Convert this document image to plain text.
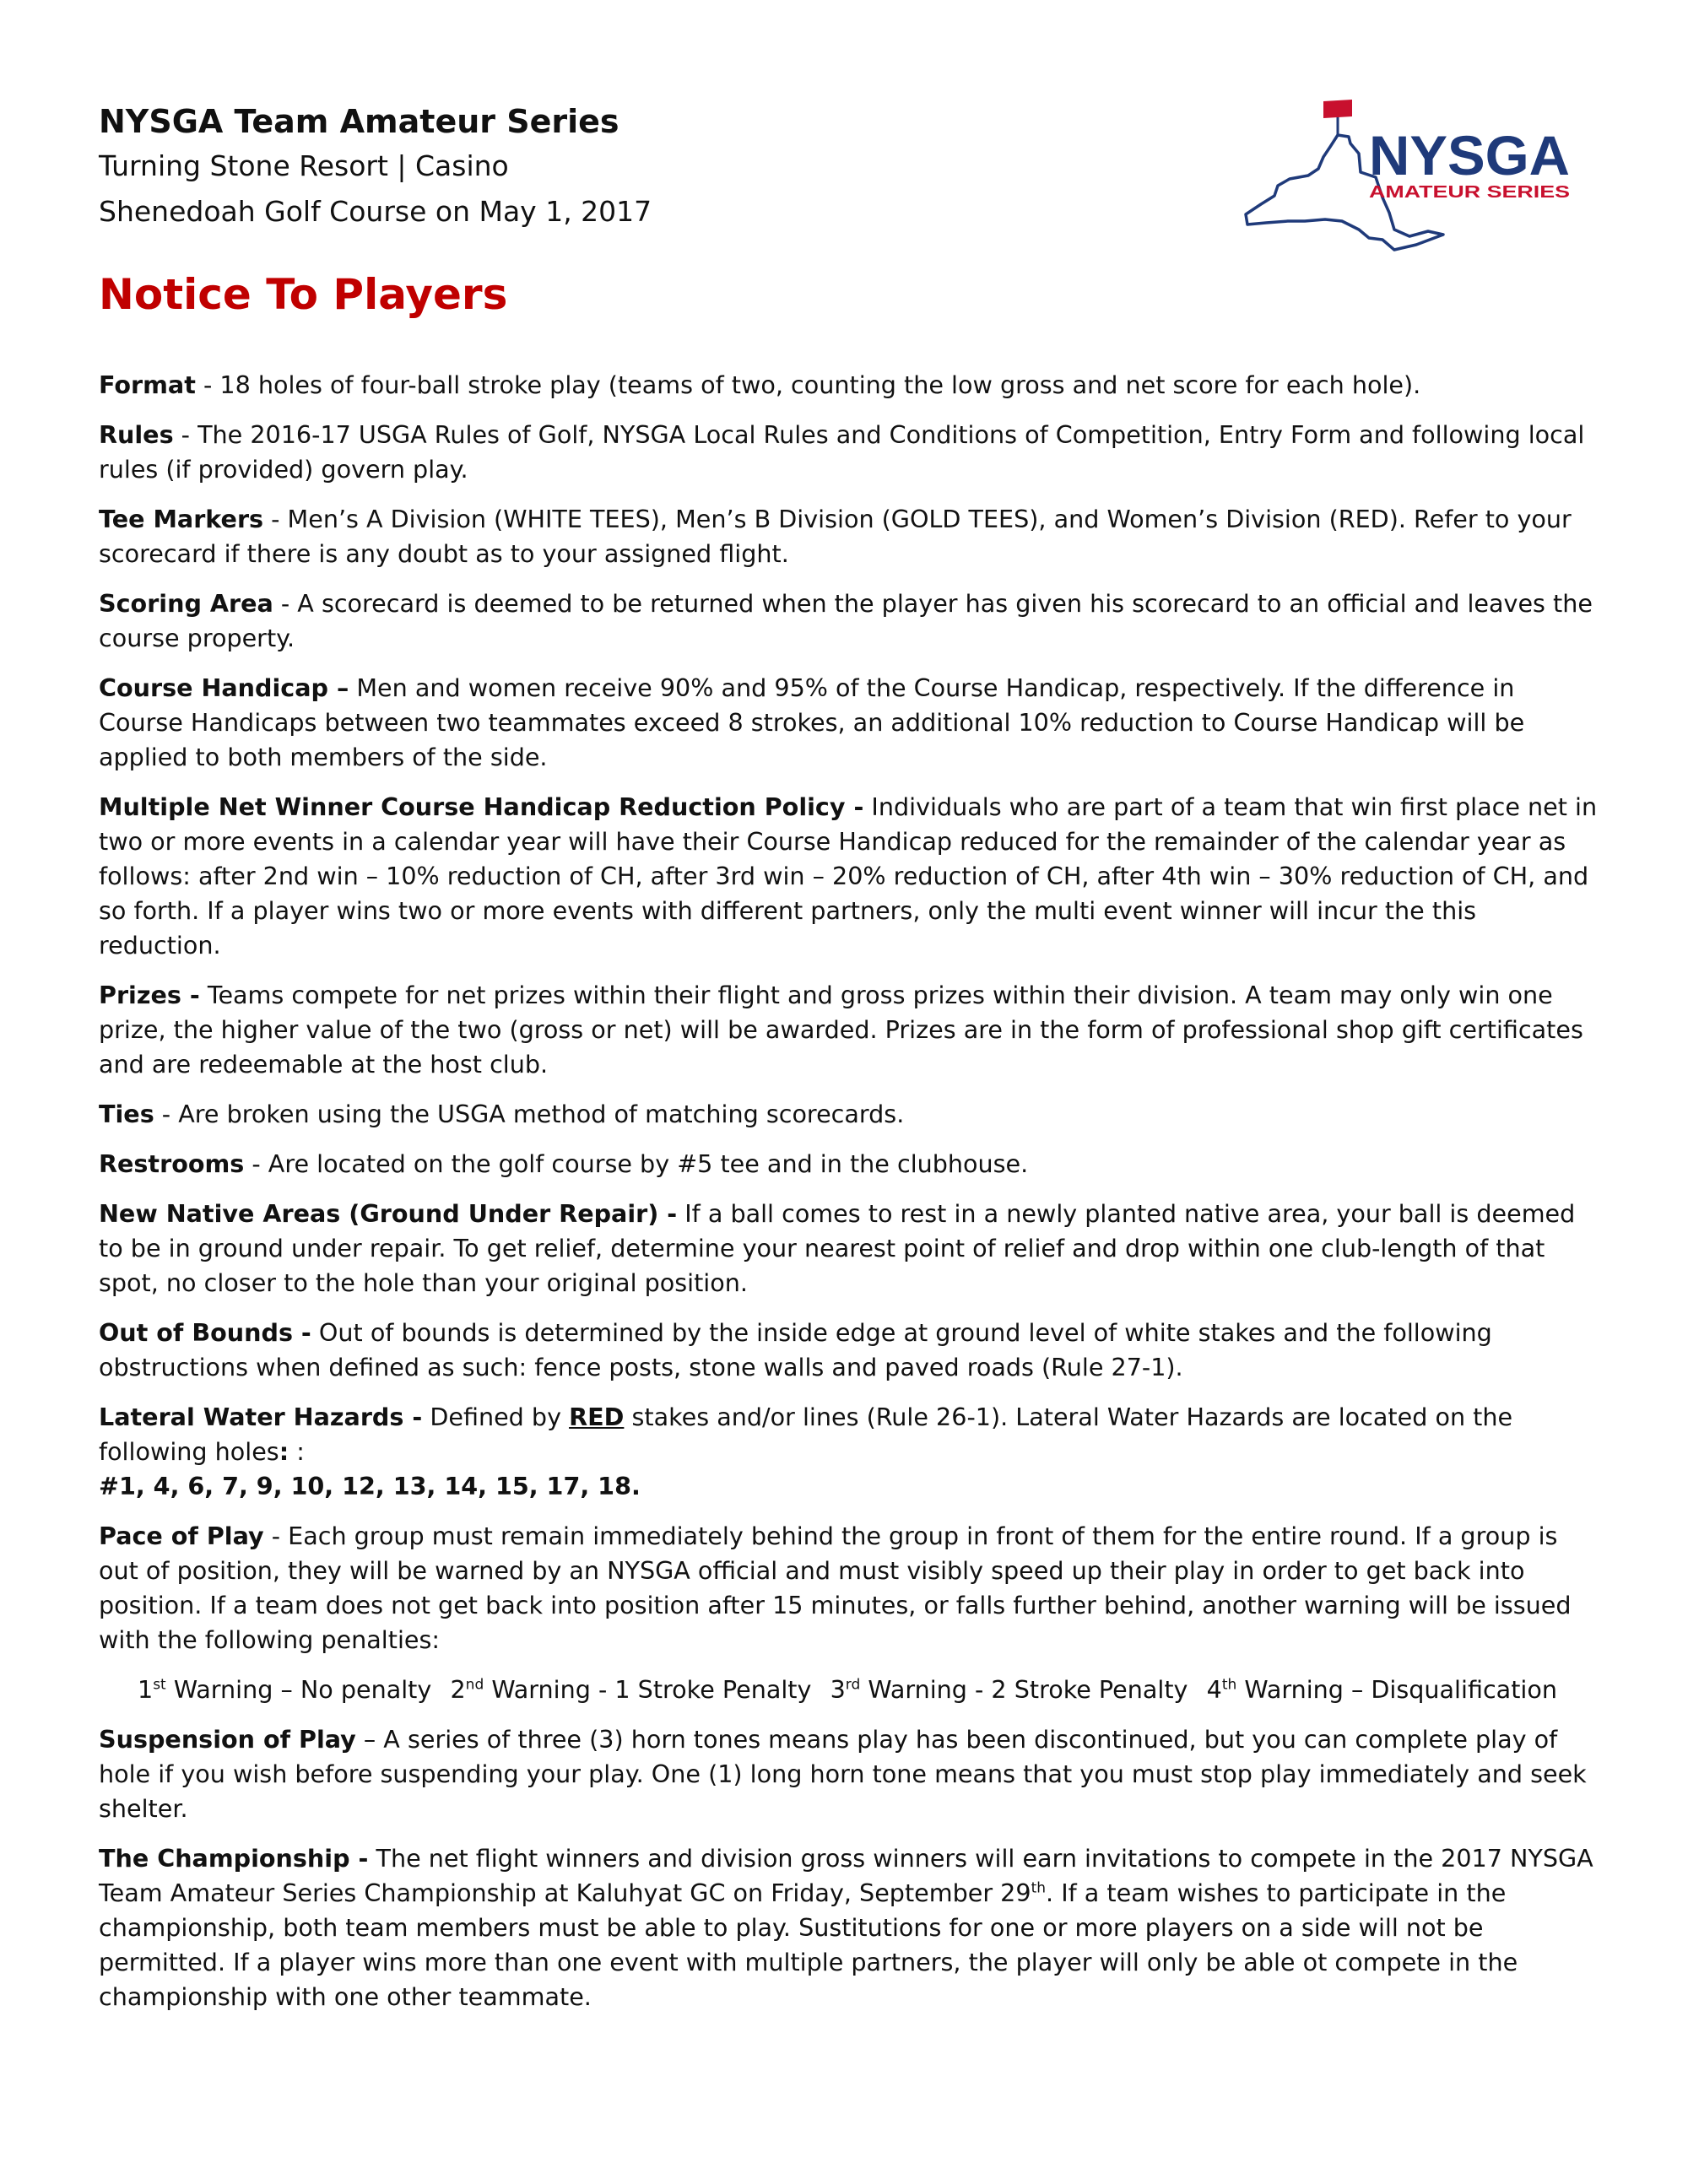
NYSGA Team Amateur Series

Turning Stone Resort | Casino

Shenedoah Golf Course on May 1, 2017

Notice To Players

NYSGA
AMATEUR SERIES

Format - 18 holes of four-ball stroke play (teams of two, counting the low gross and net score for each hole).

Rules - The 2016-17 USGA Rules of Golf, NYSGA Local Rules and Conditions of Competition, Entry Form and following local rules (if provided) govern play.

Tee Markers - Men’s A Division (WHITE TEES), Men’s B Division (GOLD TEES), and Women’s Division (RED). Refer to your scorecard if there is any doubt as to your assigned flight.

Scoring Area - A scorecard is deemed to be returned when the player has given his scorecard to an official and leaves the course property.

Course Handicap – Men and women receive 90% and 95% of the Course Handicap, respectively. If the difference in Course Handicaps between two teammates exceed 8 strokes, an additional 10% reduction to Course Handicap will be applied to both members of the side.

Multiple Net Winner Course Handicap Reduction Policy - Individuals who are part of a team that win first place net in two or more events in a calendar year will have their Course Handicap reduced for the remainder of the calendar year as follows: after 2nd win – 10% reduction of CH, after 3rd win – 20% reduction of CH, after 4th win – 30% reduction of CH, and so forth. If a player wins two or more events with different partners, only the multi event winner will incur the this reduction.

Prizes - Teams compete for net prizes within their flight and gross prizes within their division. A team may only win one prize, the higher value of the two (gross or net) will be awarded. Prizes are in the form of professional shop gift certificates and are redeemable at the host club.

Ties - Are broken using the USGA method of matching scorecards.

Restrooms - Are located on the golf course by #5 tee and in the clubhouse.

New Native Areas (Ground Under Repair) - If a ball comes to rest in a newly planted native area, your ball is deemed to be in ground under repair. To get relief, determine your nearest point of relief and drop within one club-length of that spot, no closer to the hole than your original position.

Out of Bounds - Out of bounds is determined by the inside edge at ground level of white stakes and the following obstructions when defined as such: fence posts, stone walls and paved roads (Rule 27-1).

Lateral Water Hazards - Defined by RED stakes and/or lines (Rule 26-1). Lateral Water Hazards are located on the following holes: :
#1, 4, 6, 7, 9, 10, 12, 13, 14, 15, 17, 18.

Pace of Play - Each group must remain immediately behind the group in front of them for the entire round. If a group is out of position, they will be warned by an NYSGA official and must visibly speed up their play in order to get back into position. If a team does not get back into position after 15 minutes, or falls further behind, another warning will be issued with the following penalties:

1st Warning – No penalty 2nd Warning - 1 Stroke Penalty 3rd Warning - 2 Stroke Penalty 4th Warning – Disqualification

Suspension of Play – A series of three (3) horn tones means play has been discontinued, but you can complete play of hole if you wish before suspending your play. One (1) long horn tone means that you must stop play immediately and seek shelter.

The Championship - The net flight winners and division gross winners will earn invitations to compete in the 2017 NYSGA Team Amateur Series Championship at Kaluhyat GC on Friday, September 29th. If a team wishes to participate in the championship, both team members must be able to play. Sustitutions for one or more players on a side will not be permitted. If a player wins more than one event with multiple partners, the player will only be able ot compete in the championship with one other teammate.
